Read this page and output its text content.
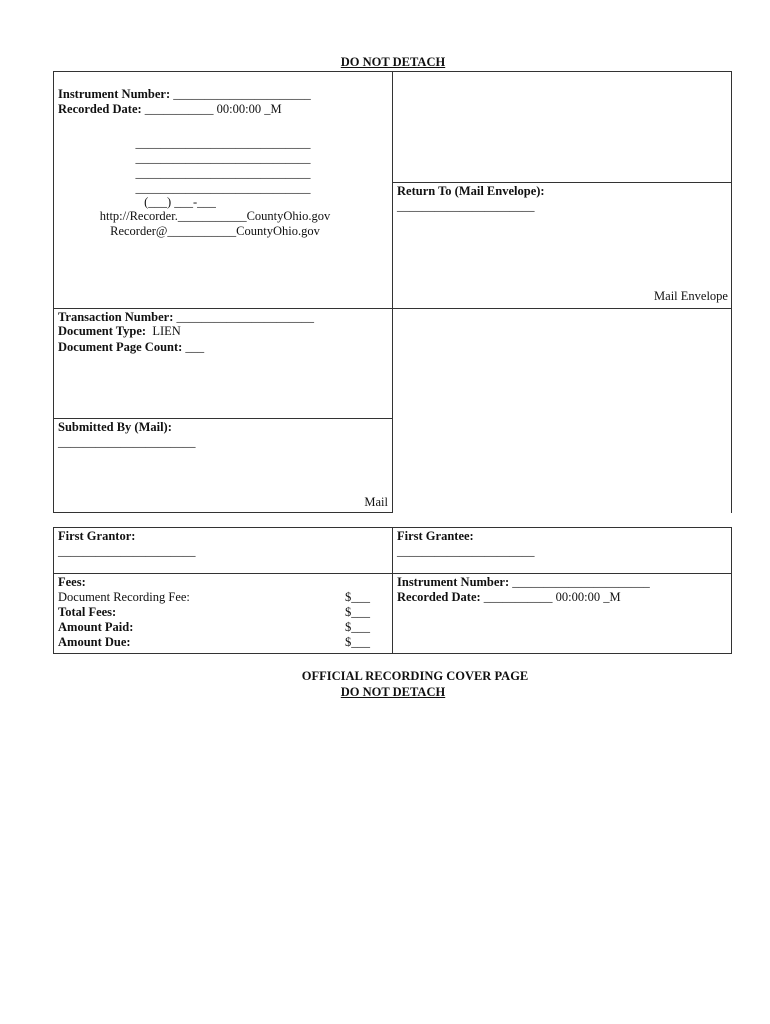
DO NOT DETACH
Instrument Number: ______________________
Recorded Date: ___________ 00:00:00 _M
____________________________
____________________________
____________________________
____________________________
(___) ___-___
http://Recorder.___________CountyOhio.gov
Recorder@___________CountyOhio.gov
Return To (Mail Envelope):
______________________
Mail Envelope
Transaction Number: ______________________
Document Type: LIEN
Document Page Count: ___
Submitted By (Mail):
______________________
Mail
First Grantor:
______________________
First Grantee:
______________________
Fees:
Document Recording Fee:	$___
Total Fees:	$___
Amount Paid:	$___
Amount Due:	$___
Instrument Number: ______________________
Recorded Date: ___________ 00:00:00 _M
OFFICIAL RECORDING COVER PAGE
DO NOT DETACH
